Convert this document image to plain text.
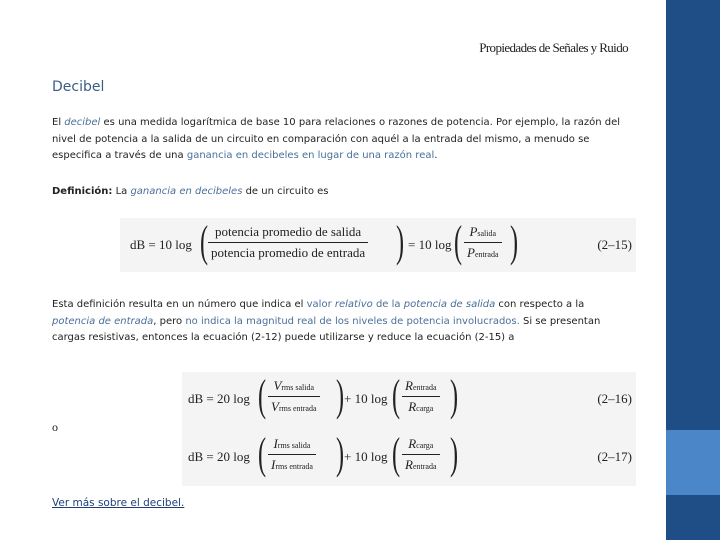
Propiedades de Señales y Ruido
Decibel
El decibel es una medida logarítmica de base 10 para relaciones o razones de potencia. Por ejemplo, la razón del nivel de potencia a la salida de un circuito en comparación con aquél a la entrada del mismo, a menudo se especifica a través de una ganancia en decibeles en lugar de una razón real.
Definición: La ganancia en decibeles de un circuito es
dB = 10 log ( potencia promedio de salida
potencia promedio de entrada ) = 10 log ( Psalida
Pentrada )	(2–15)
Esta definición resulta en un número que indica el valor relativo de la potencia de salida con respecto a la potencia de entrada, pero no indica la magnitud real de los niveles de potencia involucrados. Si se presentan cargas resistivas, entonces la ecuación (2-12) puede utilizarse y reduce la ecuación (2-15) a
dB = 20 log ( Vrms salida
Vrms entrada ) + 10 log ( Rentrada
Rcarga )	(2–16)
dB = 20 log ( Irms salida
Irms entrada ) + 10 log ( Rcarga
Rentrada )	(2–17)
o
Ver más sobre el decibel.
